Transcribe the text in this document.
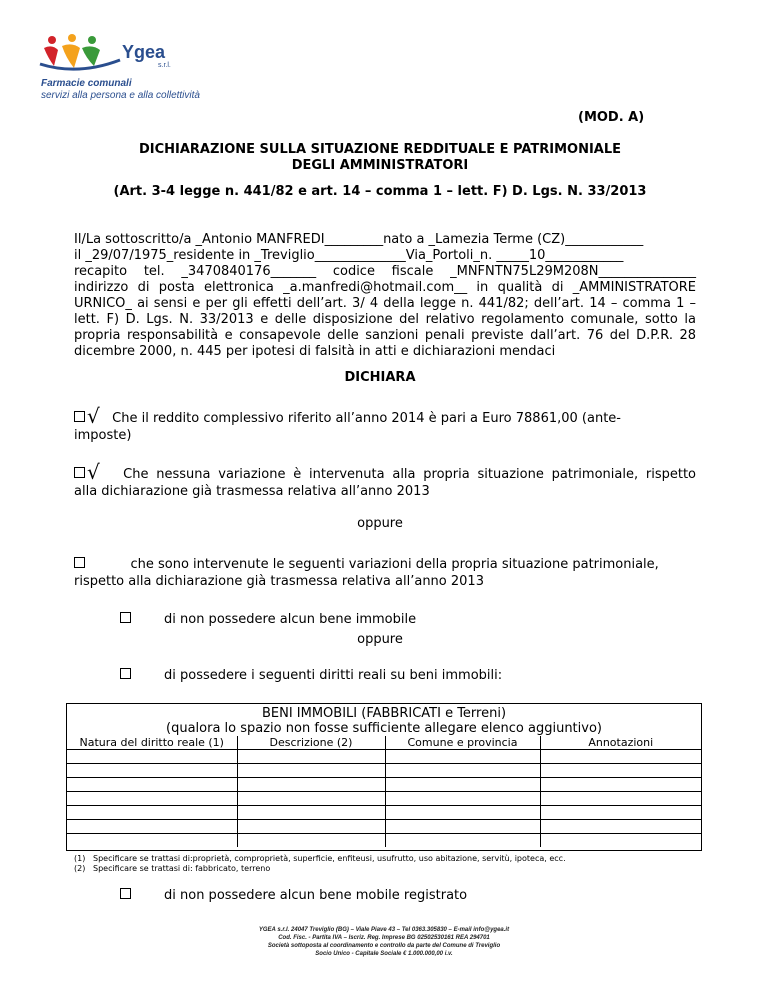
Ygea
s.r.l.
Farmacie comunali
servizi alla persona e alla collettività
(MOD. A)
DICHIARAZIONE SULLA SITUAZIONE REDDITUALE E PATRIMONIALE
DEGLI AMMINISTRATORI
(Art. 3-4 legge n. 441/82 e art. 14 – comma 1 – lett. F) D. Lgs. N. 33/2013
Il/La sottoscritto/a _Antonio MANFREDI_________nato a _Lamezia Terme (CZ)____________
il _29/07/1975_residente in _Treviglio______________Via_Portoli_n. _____10____________
recapito tel. _3470840176_______ codice fiscale _MNFNTN75L29M208N_______________
indirizzo di posta elettronica _a.manfredi@hotmail.com__ in qualità di _AMMINISTRATORE
URNICO_ ai sensi e per gli effetti dell’art. 3/ 4 della legge n. 441/82; dell’art. 14 – comma 1 –
lett. F) D. Lgs. N. 33/2013 e delle disposizione del relativo regolamento comunale, sotto la
propria responsabilità e consapevole delle sanzioni penali previste dall’art. 76 del D.P.R. 28
dicembre 2000, n. 445 per ipotesi di falsità in atti e dichiarazioni mendaci
DICHIARA
√ Che il reddito complessivo riferito all’anno 2014 è pari a Euro 78861,00 (ante-
imposte)
√ Che nessuna variazione è intervenuta alla propria situazione patrimoniale, rispetto
alla dichiarazione già trasmessa relativa all’anno 2013
oppure
che sono intervenute le seguenti variazioni della propria situazione patrimoniale,
rispetto alla dichiarazione già trasmessa relativa all’anno 2013
di non possedere alcun bene immobile
oppure
di possedere i seguenti diritti reali su beni immobili:
BENI IMMOBILI (FABBRICATI e Terreni)
(qualora lo spazio non fosse sufficiente allegare elenco aggiuntivo)
Natura del diritto reale (1)	Descrizione (2)	Comune e provincia	Annotazioni

(1) Specificare se trattasi di:proprietà, comproprietà, superficie, enfiteusi, usufrutto, uso abitazione, servitù, ipoteca, ecc.
(2) Specificare se trattasi di: fabbricato, terreno
di non possedere alcun bene mobile registrato
YGEA s.r.l. 24047 Treviglio (BG) – Viale Piave 43 – Tel 0363.305830 – E-mail info@ygea.it
Cod. Fisc. - Partita IVA – Iscriz. Reg. Imprese BG 02502530161 REA 294701
Società sottoposta al coordinamento e controllo da parte del Comune di Treviglio
Socio Unico - Capitale Sociale € 1.000.000,00 i.v.
